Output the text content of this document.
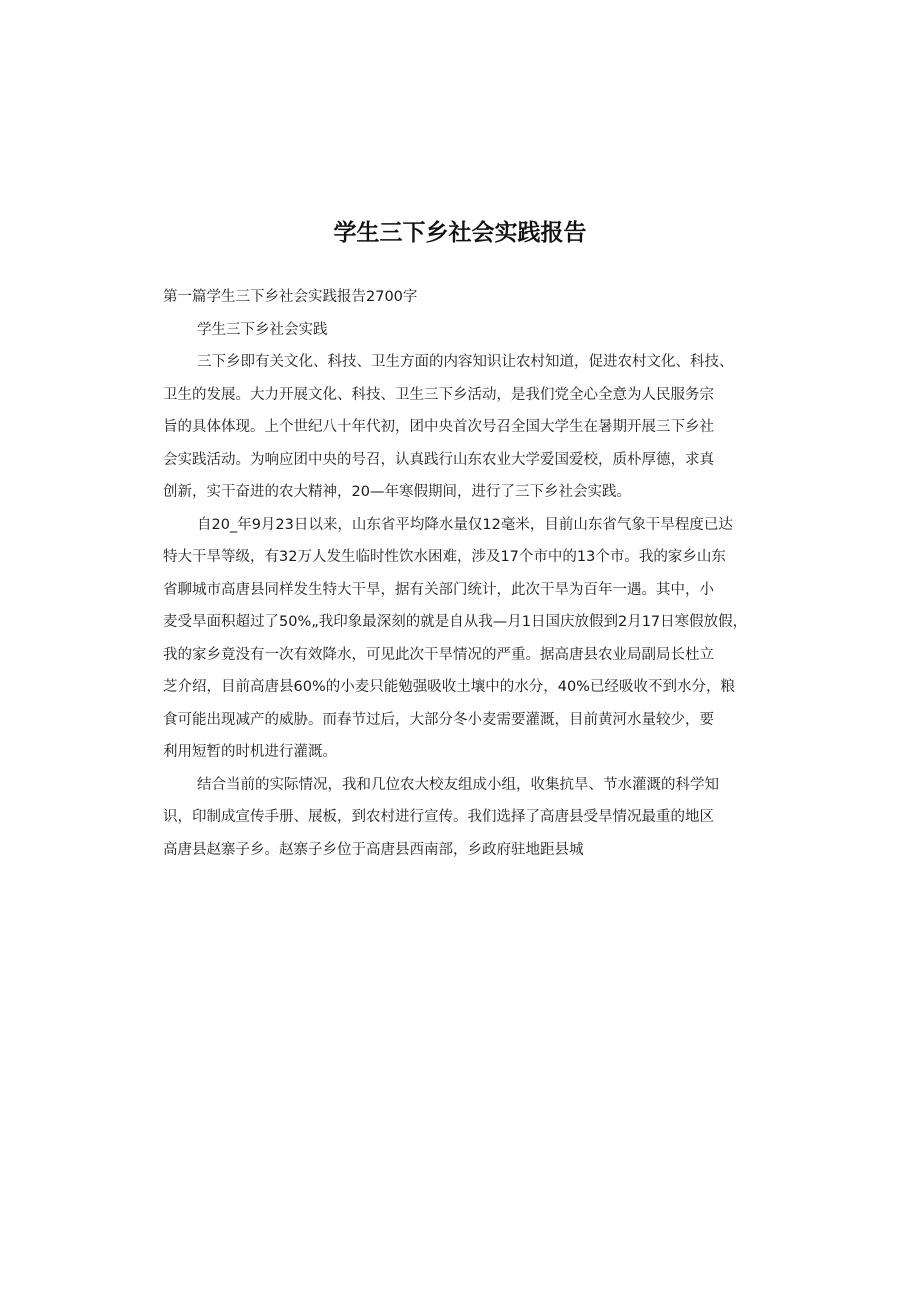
学生三下乡社会实践报告
第一篇学生三下乡社会实践报告2700字
学生三下乡社会实践
三下乡即有关文化、科技、卫生方面的内容知识让农村知道，促进农村文化、科技、
卫生的发展。大力开展文化、科技、卫生三下乡活动，是我们党全心全意为人民服务宗
旨的具体体现。上个世纪八十年代初，团中央首次号召全国大学生在暑期开展三下乡社
会实践活动。为响应团中央的号召，认真践行山东农业大学爱国爱校，质朴厚德，求真
创新，实干奋进的农大精神，20—年寒假期间，进行了三下乡社会实践。
自20_年9月23日以来，山东省平均降水量仅12毫米，目前山东省气象干旱程度已达
特大干旱等级，有32万人发生临时性饮水困难，涉及17个市中的13个市。我的家乡山东
省聊城市高唐县同样发生特大干旱，据有关部门统计，此次干旱为百年一遇。其中，小
麦受旱面积超过了50%„我印象最深刻的就是自从我—月1日国庆放假到2月17日寒假放假，
我的家乡竟没有一次有效降水，可见此次干旱情况的严重。据高唐县农业局副局长杜立
芝介绍，目前高唐县60%的小麦只能勉强吸收土壤中的水分，40%已经吸收不到水分，粮
食可能出现减产的威胁。而春节过后，大部分冬小麦需要灌溉，目前黄河水量较少，要
利用短暂的时机进行灌溉。
结合当前的实际情况，我和几位农大校友组成小组，收集抗旱、节水灌溉的科学知
识，印制成宣传手册、展板，到农村进行宣传。我们选择了高唐县受旱情况最重的地区
高唐县赵寨子乡。赵寨子乡位于高唐县西南部，乡政府驻地距县城
